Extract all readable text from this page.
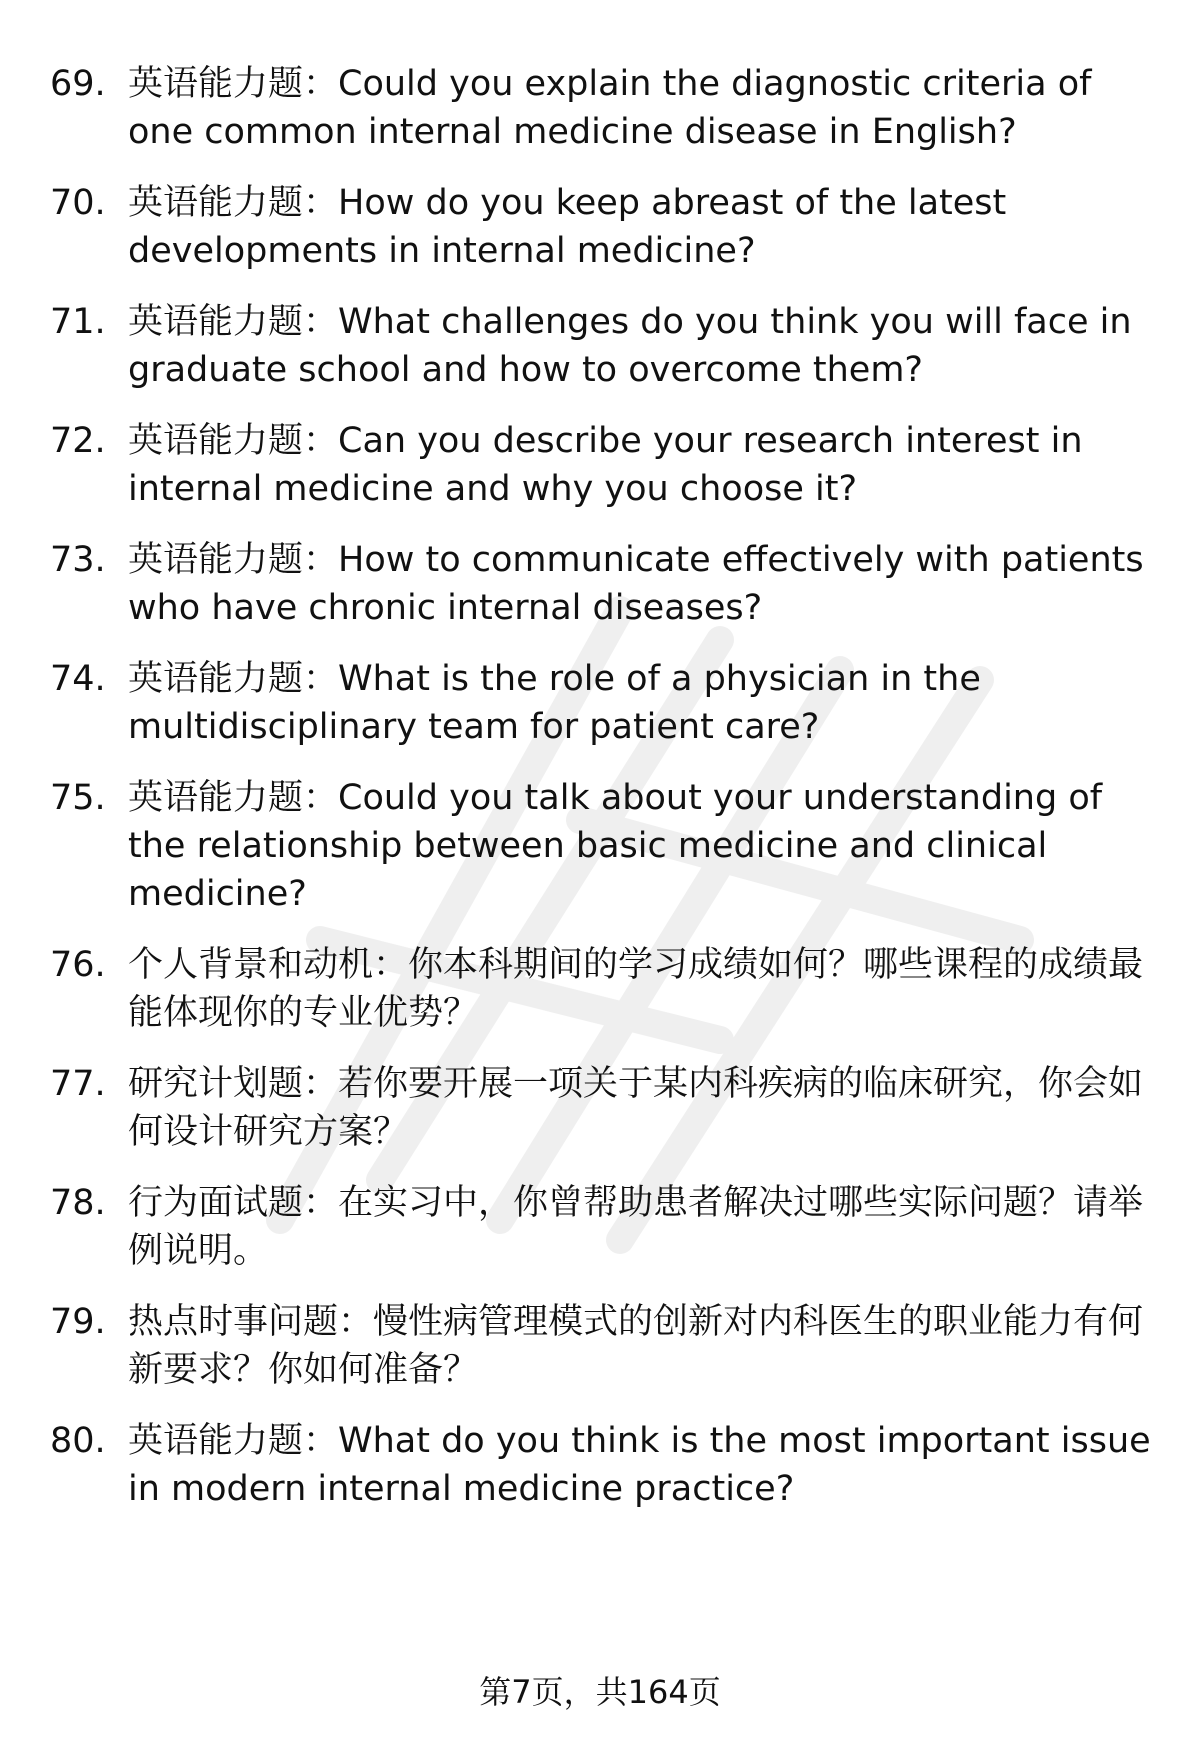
69. 英语能力题：Could you explain the diagnostic criteria of one common internal medicine disease in English?
70. 英语能力题：How do you keep abreast of the latest developments in internal medicine?
71. 英语能力题：What challenges do you think you will face in graduate school and how to overcome them?
72. 英语能力题：Can you describe your research interest in internal medicine and why you choose it?
73. 英语能力题：How to communicate effectively with patients who have chronic internal diseases?
74. 英语能力题：What is the role of a physician in the multidisciplinary team for patient care?
75. 英语能力题：Could you talk about your understanding of the relationship between basic medicine and clinical medicine?
76. 个人背景和动机：你本科期间的学习成绩如何？哪些课程的成绩最能体现你的专业优势？
77. 研究计划题：若你要开展一项关于某内科疾病的临床研究，你会如何设计研究方案？
78. 行为面试题：在实习中，你曾帮助患者解决过哪些实际问题？请举例说明。
79. 热点时事问题：慢性病管理模式的创新对内科医生的职业能力有何新要求？你如何准备？
80. 英语能力题：What do you think is the most important issue in modern internal medicine practice?
第7页，共164页
